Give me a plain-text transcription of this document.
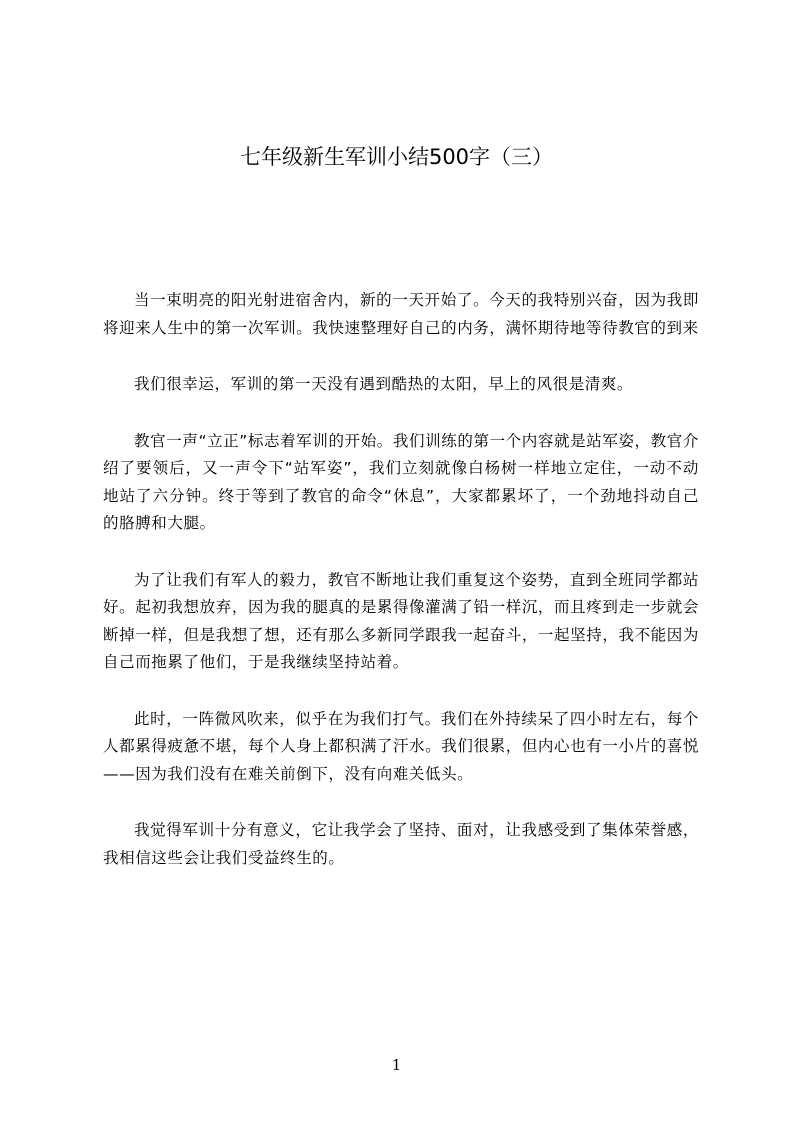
七年级新生军训小结500字（三）

当一束明亮的阳光射进宿舍内，新的一天开始了。今天的我特别兴奋，因为我即将迎来人生中的第一次军训。我快速整理好自己的内务，满怀期待地等待教官的到来

我们很幸运，军训的第一天没有遇到酷热的太阳，早上的风很是清爽。

教官一声“立正”标志着军训的开始。我们训练的第一个内容就是站军姿，教官介绍了要领后，又一声令下“站军姿”，我们立刻就像白杨树一样地立定住，一动不动地站了六分钟。终于等到了教官的命令“休息”，大家都累坏了，一个劲地抖动自己的胳膊和大腿。

为了让我们有军人的毅力，教官不断地让我们重复这个姿势，直到全班同学都站好。起初我想放弃，因为我的腿真的是累得像灌满了铅一样沉，而且疼到走一步就会断掉一样，但是我想了想，还有那么多新同学跟我一起奋斗，一起坚持，我不能因为自己而拖累了他们，于是我继续坚持站着。

此时，一阵微风吹来，似乎在为我们打气。我们在外持续呆了四小时左右，每个人都累得疲惫不堪，每个人身上都积满了汗水。我们很累，但内心也有一小片的喜悦——因为我们没有在难关前倒下，没有向难关低头。

我觉得军训十分有意义，它让我学会了坚持、面对，让我感受到了集体荣誉感，我相信这些会让我们受益终生的。

1
